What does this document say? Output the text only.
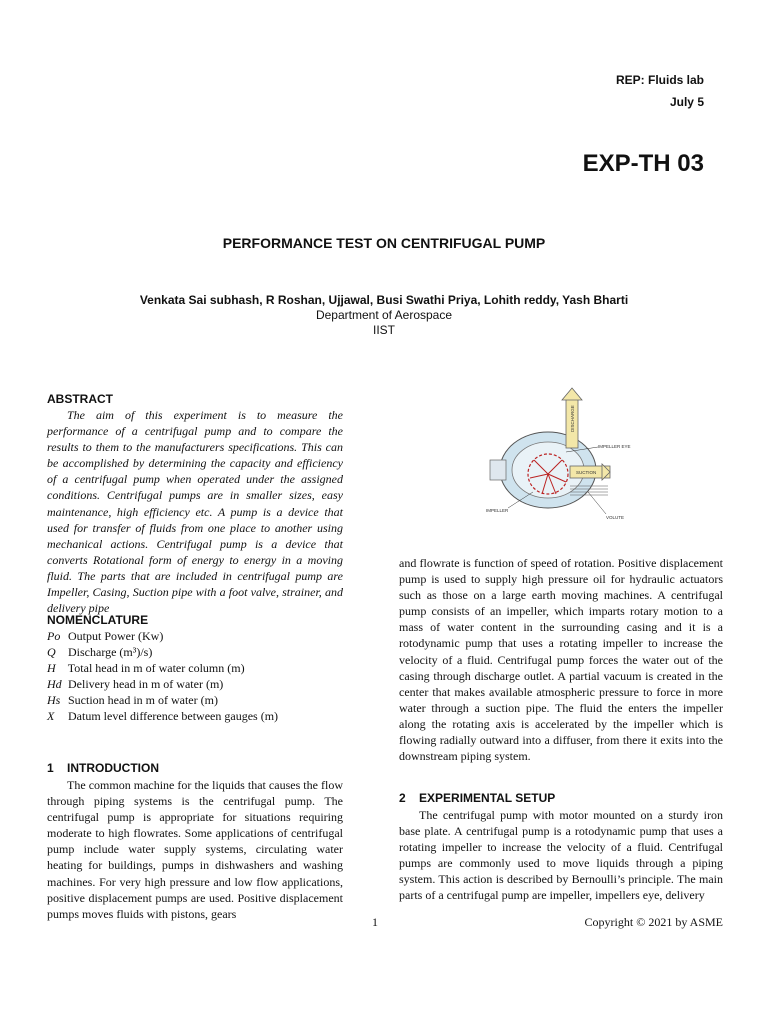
REP: Fluids lab
July 5
EXP-TH 03
PERFORMANCE TEST ON CENTRIFUGAL PUMP
Venkata Sai subhash, R Roshan, Ujjawal, Busi Swathi Priya, Lohith reddy, Yash Bharti
Department of Aerospace
IIST
ABSTRACT

The aim of this experiment is to measure the performance of a centrifugal pump and to compare the results to them to the manufacturers specifications. This can be accomplished by determining the capacity and efficiency of a centrifugal pump when operated under the assigned conditions. Centrifugal pumps are in smaller sizes, easy maintenance, high efficiency etc. A pump is a device that used for transfer of fluids from one place to another using mechanical actions. Centrifugal pump is a device that converts Rotational form of energy to energy in a moving fluid. The parts that are included in centrifugal pump are Impeller, Casing, Suction pipe with a foot valve, strainer, and delivery pipe

NOMENCLATURE
Po Output Power (Kw)
Q Discharge (m³)/s)
H Total head in m of water column (m)
Hd Delivery head in m of water (m)
Hs Suction head in m of water (m)
X Datum level difference between gauges (m)
1    INTRODUCTION

The common machine for the liquids that causes the flow through piping systems is the centrifugal pump. The centrifugal pump is appropriate for situations requiring moderate to high flowrates. Some applications of centrifugal pump include water supply systems, circulating water heating for buildings, pumps in dishwashers and washing machines. For very high pressure and low flow applications, positive displacement pumps are used. Positive displacement pumps moves fluids with pistons, gears

DISCHARGE
SUCTION
IMPELLER EYE
IMPELLER
VOLUTE

and flowrate is function of speed of rotation. Positive displacement pump is used to supply high pressure oil for hydraulic actuators such as those on a large earth moving machines. A centrifugal pump consists of an impeller, which imparts rotary motion to a mass of water content in the surrounding casing and it is a rotodynamic pump that uses a rotating impeller to increase the velocity of a fluid. Centrifugal pump forces the water out of the casing through discharge outlet. A partial vacuum is created in the center that makes available atmospheric pressure to force in more water through a suction pipe. The fluid the enters the impeller along the rotating axis is accelerated by the impeller which is flowing radially outward into a diffuser, from there it exits into the downstream piping system.

2    EXPERIMENTAL SETUP

The centrifugal pump with motor mounted on a sturdy iron base plate. A centrifugal pump is a rotodynamic pump that uses a rotating impeller to increase the velocity of a fluid. Centrifugal pumps are commonly used to move liquids through a piping system. This action is described by Bernoulli’s principle. The main parts of a centrifugal pump are impeller, impellers eye, delivery

1	Copyright © 2021 by ASME
